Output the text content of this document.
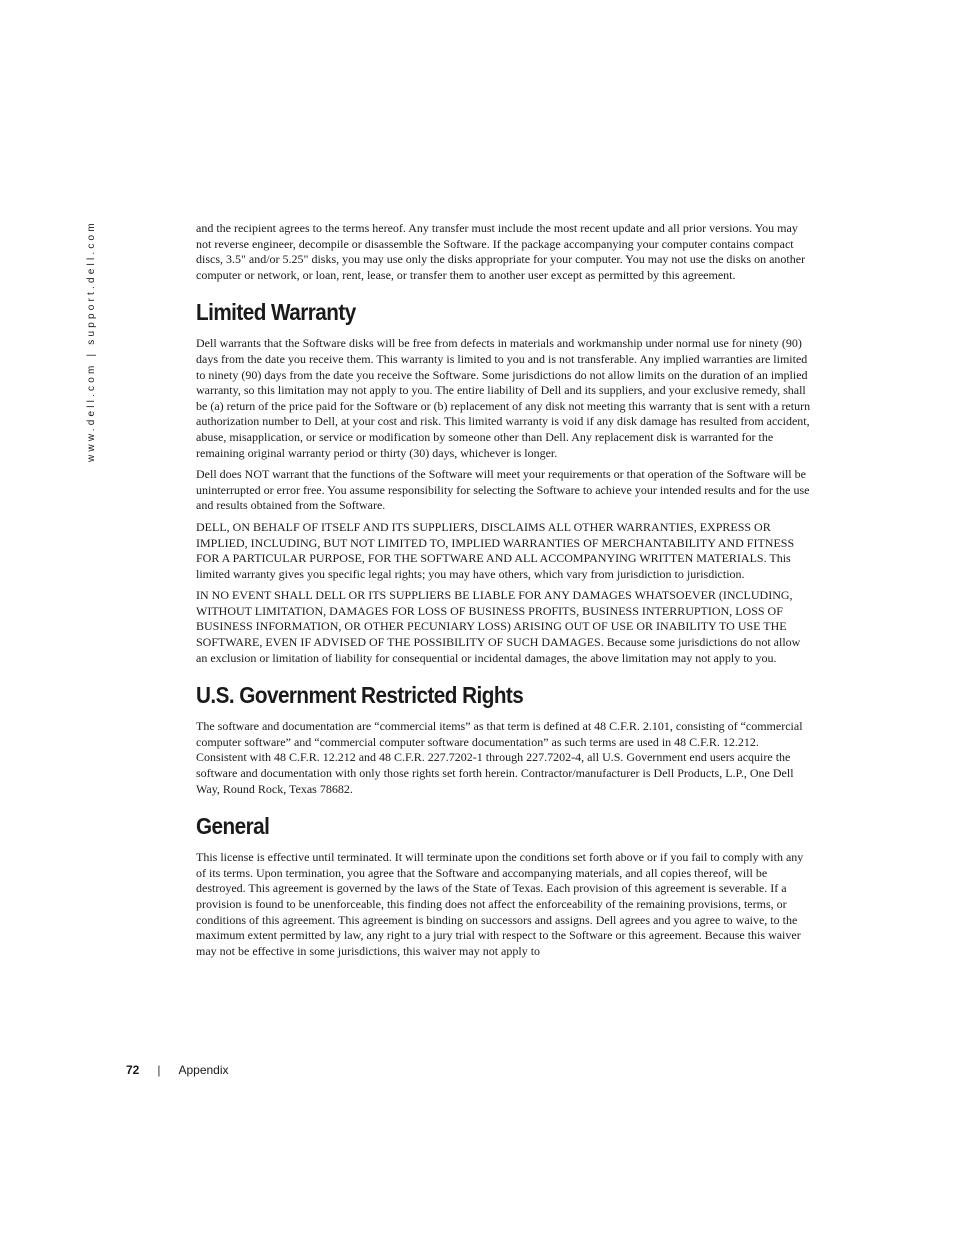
www.dell.com | support.dell.com	and the recipient agrees to the terms hereof. Any transfer must include the most recent update and all prior versions. You may not reverse engineer, decompile or disassemble the Software. If the package accompanying your computer contains compact discs, 3.5" and/or 5.25" disks, you may use only the disks appropriate for your computer. You may not use the disks on another computer or network, or loan, rent, lease, or transfer them to another user except as permitted by this agreement.

Limited Warranty

Dell warrants that the Software disks will be free from defects in materials and workmanship under normal use for ninety (90) days from the date you receive them. This warranty is limited to you and is not transferable. Any implied warranties are limited to ninety (90) days from the date you receive the Software. Some jurisdictions do not allow limits on the duration of an implied warranty, so this limitation may not apply to you. The entire liability of Dell and its suppliers, and your exclusive remedy, shall be (a) return of the price paid for the Software or (b) replacement of any disk not meeting this warranty that is sent with a return authorization number to Dell, at your cost and risk. This limited warranty is void if any disk damage has resulted from accident, abuse, misapplication, or service or modification by someone other than Dell. Any replacement disk is warranted for the remaining original warranty period or thirty (30) days, whichever is longer.

Dell does NOT warrant that the functions of the Software will meet your requirements or that operation of the Software will be uninterrupted or error free. You assume responsibility for selecting the Software to achieve your intended results and for the use and results obtained from the Software.

DELL, ON BEHALF OF ITSELF AND ITS SUPPLIERS, DISCLAIMS ALL OTHER WARRANTIES, EXPRESS OR IMPLIED, INCLUDING, BUT NOT LIMITED TO, IMPLIED WARRANTIES OF MERCHANTABILITY AND FITNESS FOR A PARTICULAR PURPOSE, FOR THE SOFTWARE AND ALL ACCOMPANYING WRITTEN MATERIALS. This limited warranty gives you specific legal rights; you may have others, which vary from jurisdiction to jurisdiction.

IN NO EVENT SHALL DELL OR ITS SUPPLIERS BE LIABLE FOR ANY DAMAGES WHATSOEVER (INCLUDING, WITHOUT LIMITATION, DAMAGES FOR LOSS OF BUSINESS PROFITS, BUSINESS INTERRUPTION, LOSS OF BUSINESS INFORMATION, OR OTHER PECUNIARY LOSS) ARISING OUT OF USE OR INABILITY TO USE THE SOFTWARE, EVEN IF ADVISED OF THE POSSIBILITY OF SUCH DAMAGES. Because some jurisdictions do not allow an exclusion or limitation of liability for consequential or incidental damages, the above limitation may not apply to you.

U.S. Government Restricted Rights

The software and documentation are “commercial items” as that term is defined at 48 C.F.R. 2.101, consisting of “commercial computer software” and “commercial computer software documentation” as such terms are used in 48 C.F.R. 12.212. Consistent with 48 C.F.R. 12.212 and 48 C.F.R. 227.7202-1 through 227.7202-4, all U.S. Government end users acquire the software and documentation with only those rights set forth herein. Contractor/manufacturer is Dell Products, L.P., One Dell Way, Round Rock, Texas 78682.

General

This license is effective until terminated. It will terminate upon the conditions set forth above or if you fail to comply with any of its terms. Upon termination, you agree that the Software and accompanying materials, and all copies thereof, will be destroyed. This agreement is governed by the laws of the State of Texas. Each provision of this agreement is severable. If a provision is found to be unenforceable, this finding does not affect the enforceability of the remaining provisions, terms, or conditions of this agreement. This agreement is binding on successors and assigns. Dell agrees and you agree to waive, to the maximum extent permitted by law, any right to a jury trial with respect to the Software or this agreement. Because this waiver may not be effective in some jurisdictions, this waiver may not apply to

72 | Appendix
